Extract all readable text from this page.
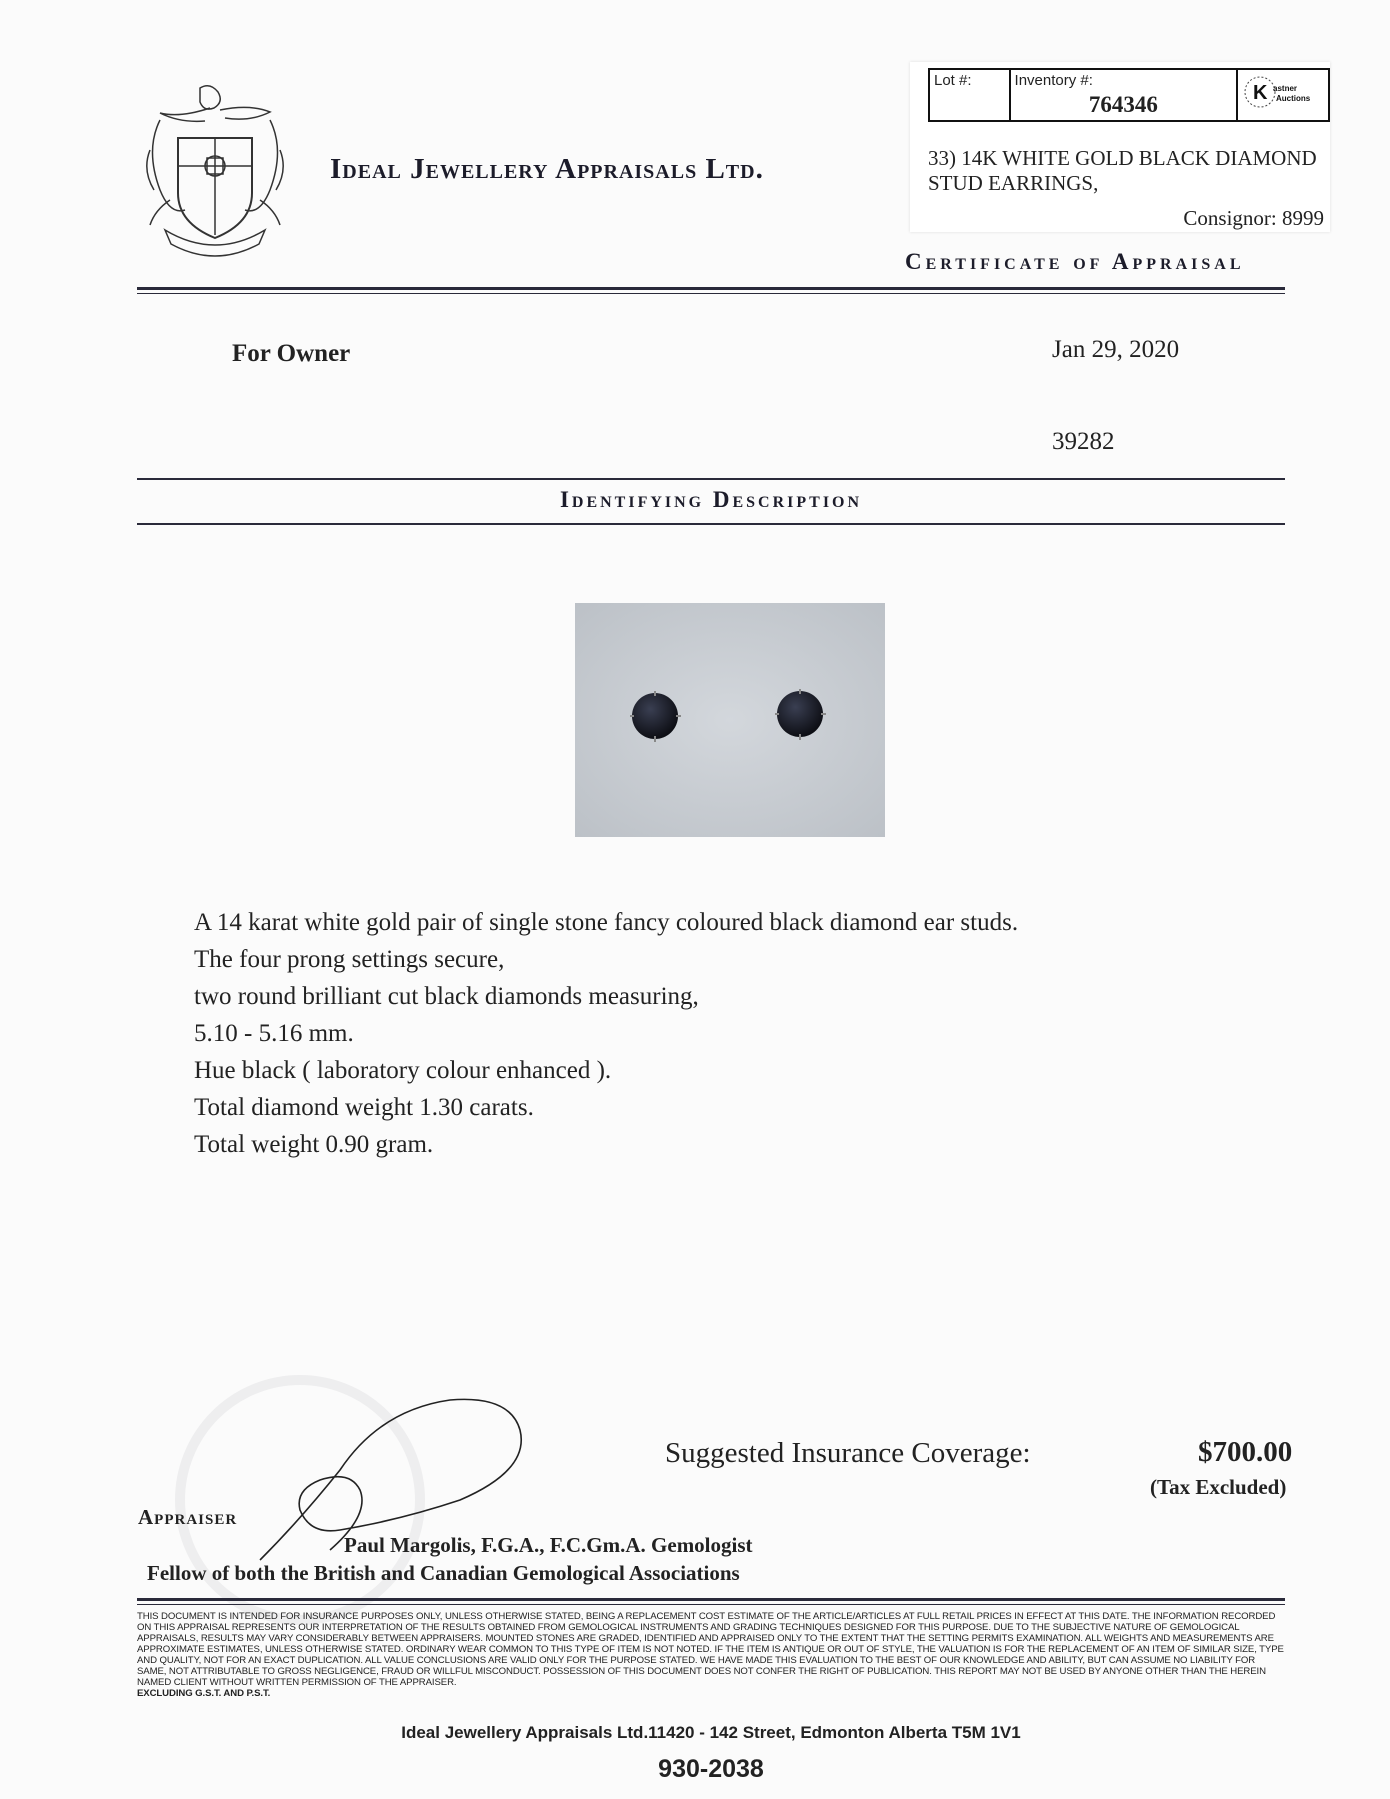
Ideal Jewellery Appraisals Ltd.
Lot #:	Inventory #:
764346	K astner
Auctions
33) 14K WHITE GOLD BLACK DIAMOND STUD EARRINGS,
Consignor: 8999
Certificate of Appraisal
For Owner	Jan 29, 2020
39282
Identifying Description
A 14 karat white gold pair of single stone fancy coloured black diamond ear studs.
The four prong settings secure,
two round brilliant cut black diamonds measuring,
5.10 - 5.16 mm.
Hue black ( laboratory colour enhanced ).
Total diamond weight 1.30 carats.
Total weight 0.90 gram.
Suggested Insurance Coverage:	$700.00
(Tax Excluded)
Appraiser
Paul Margolis, F.G.A., F.C.Gm.A. Gemologist
Fellow of both the British and Canadian Gemological Associations
THIS DOCUMENT IS INTENDED FOR INSURANCE PURPOSES ONLY, UNLESS OTHERWISE STATED, BEING A REPLACEMENT COST ESTIMATE OF THE ARTICLE/ARTICLES AT FULL RETAIL PRICES IN EFFECT AT THIS DATE. THE INFORMATION RECORDED ON THIS APPRAISAL REPRESENTS OUR INTERPRETATION OF THE RESULTS OBTAINED FROM GEMOLOGICAL INSTRUMENTS AND GRADING TECHNIQUES DESIGNED FOR THIS PURPOSE. DUE TO THE SUBJECTIVE NATURE OF GEMOLOGICAL APPRAISALS, RESULTS MAY VARY CONSIDERABLY BETWEEN APPRAISERS. MOUNTED STONES ARE GRADED, IDENTIFIED AND APPRAISED ONLY TO THE EXTENT THAT THE SETTING PERMITS EXAMINATION. ALL WEIGHTS AND MEASUREMENTS ARE APPROXIMATE ESTIMATES, UNLESS OTHERWISE STATED. ORDINARY WEAR COMMON TO THIS TYPE OF ITEM IS NOT NOTED. IF THE ITEM IS ANTIQUE OR OUT OF STYLE, THE VALUATION IS FOR THE REPLACEMENT OF AN ITEM OF SIMILAR SIZE, TYPE AND QUALITY, NOT FOR AN EXACT DUPLICATION. ALL VALUE CONCLUSIONS ARE VALID ONLY FOR THE PURPOSE STATED. WE HAVE MADE THIS EVALUATION TO THE BEST OF OUR KNOWLEDGE AND ABILITY, BUT CAN ASSUME NO LIABILITY FOR SAME, NOT ATTRIBUTABLE TO GROSS NEGLIGENCE, FRAUD OR WILLFUL MISCONDUCT. POSSESSION OF THIS DOCUMENT DOES NOT CONFER THE RIGHT OF PUBLICATION. THIS REPORT MAY NOT BE USED BY ANYONE OTHER THAN THE HEREIN NAMED CLIENT WITHOUT WRITTEN PERMISSION OF THE APPRAISER.
EXCLUDING G.S.T. AND P.S.T.
Ideal Jewellery Appraisals Ltd.11420 - 142 Street, Edmonton Alberta T5M 1V1
930-2038
